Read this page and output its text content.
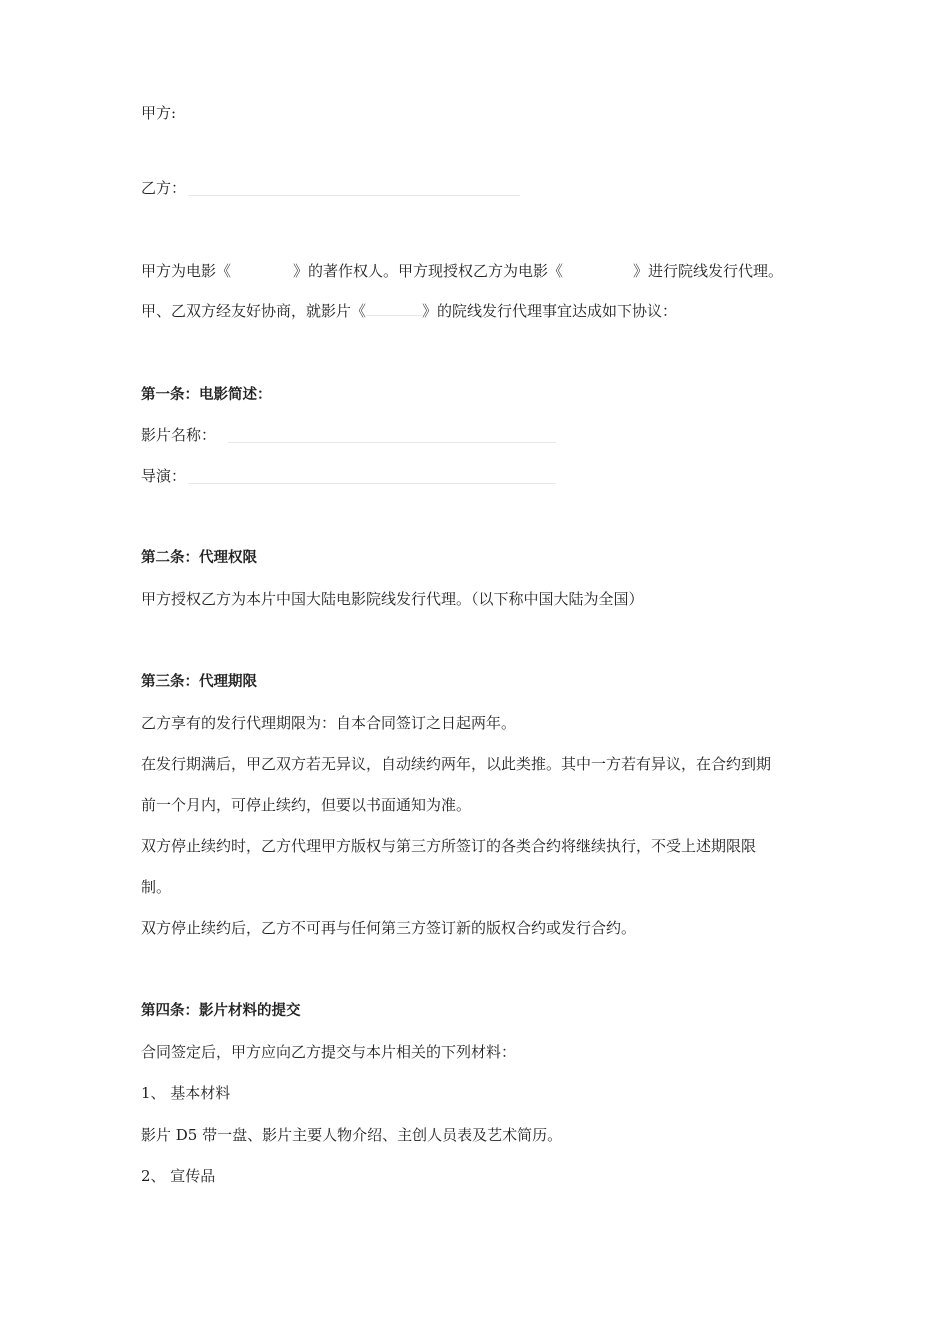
甲方:
乙方：
甲方为电影《	》的著作权人。甲方现授权乙方为电影《	》进行院线发行代理。
甲、乙双方经友好协商，就影片《	》的院线发行代理事宜达成如下协议：
第一条：电影简述：
影片名称：
导演：
第二条：代理权限
甲方授权乙方为本片中国大陆电影院线发行代理。（以下称中国大陆为全国）
第三条：代理期限
乙方享有的发行代理期限为：自本合同签订之日起两年。
在发行期满后，甲乙双方若无异议，自动续约两年，以此类推。其中一方若有异议，在合约到期
前一个月内，可停止续约，但要以书面通知为准。
双方停止续约时，乙方代理甲方版权与第三方所签订的各类合约将继续执行，不受上述期限限
制。
双方停止续约后，乙方不可再与任何第三方签订新的版权合约或发行合约。
第四条：影片材料的提交
合同签定后，甲方应向乙方提交与本片相关的下列材料：
1、 基本材料
影片 D5 带一盘、影片主要人物介绍、主创人员表及艺术简历。
2、 宣传品
